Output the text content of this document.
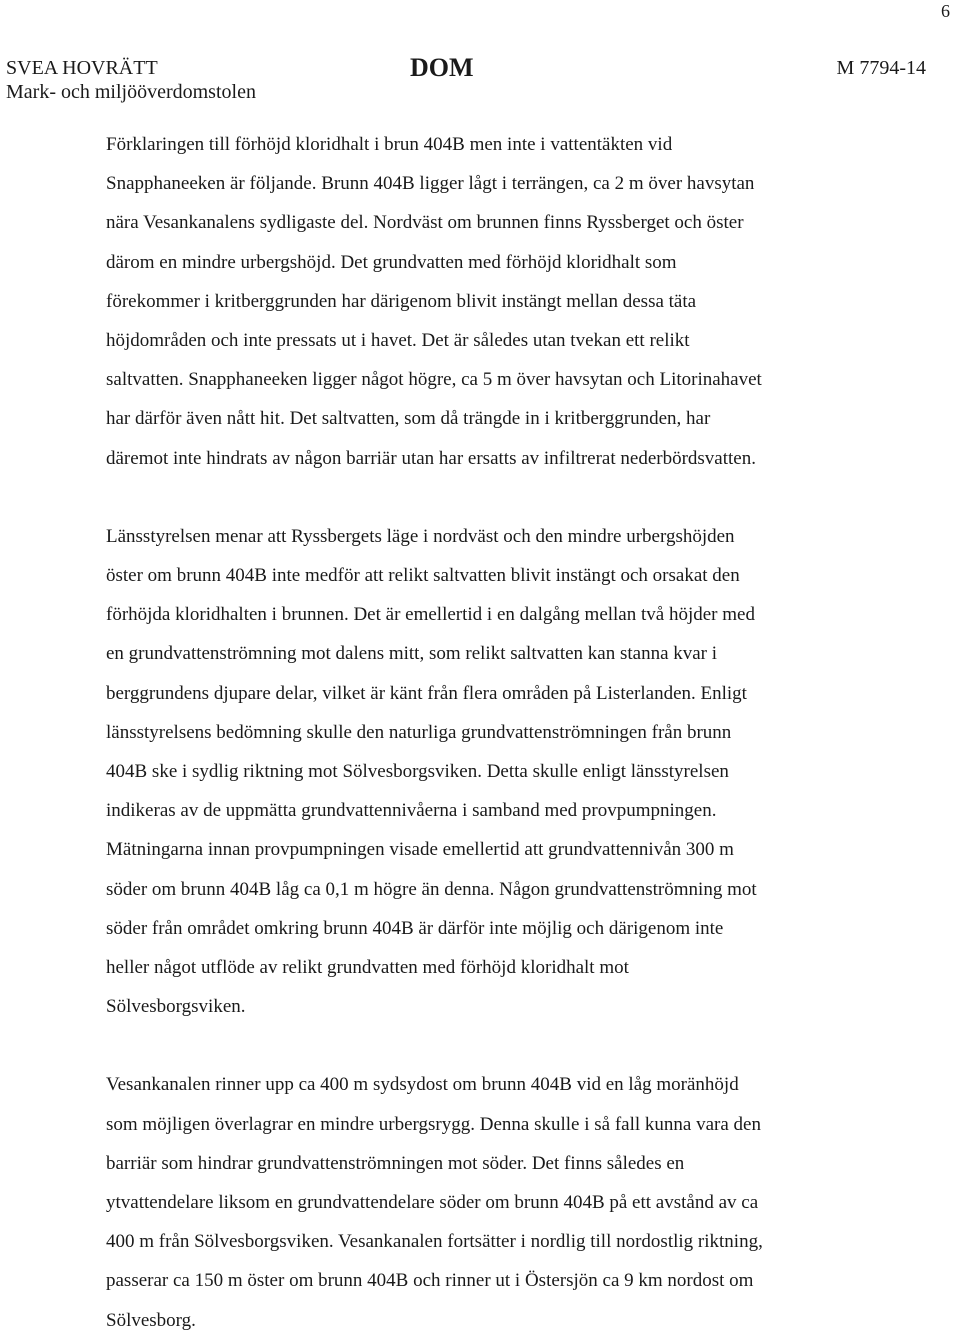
6
SVEA HOVRÄTT
Mark- och miljööverdomstolen
DOM	M 7794-14

Förklaringen till förhöjd kloridhalt i brun 404B men inte i vattentäkten vid
Snapphaneeken är följande. Brunn 404B ligger lågt i terrängen, ca 2 m över havsytan
nära Vesankanalens sydligaste del. Nordväst om brunnen finns Ryssberget och öster
därom en mindre urbergshöjd. Det grundvatten med förhöjd kloridhalt som
förekommer i kritberggrunden har därigenom blivit instängt mellan dessa täta
höjdområden och inte pressats ut i havet. Det är således utan tvekan ett relikt
saltvatten. Snapphaneeken ligger något högre, ca 5 m över havsytan och Litorinahavet
har därför även nått hit. Det saltvatten, som då trängde in i kritberggrunden, har
däremot inte hindrats av någon barriär utan har ersatts av infiltrerat nederbördsvatten.

Länsstyrelsen menar att Ryssbergets läge i nordväst och den mindre urbergshöjden
öster om brunn 404B inte medför att relikt saltvatten blivit instängt och orsakat den
förhöjda kloridhalten i brunnen. Det är emellertid i en dalgång mellan två höjder med
en grundvattenströmning mot dalens mitt, som relikt saltvatten kan stanna kvar i
berggrundens djupare delar, vilket är känt från flera områden på Listerlanden. Enligt
länsstyrelsens bedömning skulle den naturliga grundvattenströmningen från brunn
404B ske i sydlig riktning mot Sölvesborgsviken. Detta skulle enligt länsstyrelsen
indikeras av de uppmätta grundvattennivåerna i samband med provpumpningen.
Mätningarna innan provpumpningen visade emellertid att grundvattennivån 300 m
söder om brunn 404B låg ca 0,1 m högre än denna. Någon grundvattenströmning mot
söder från området omkring brunn 404B är därför inte möjlig och därigenom inte
heller något utflöde av relikt grundvatten med förhöjd kloridhalt mot
Sölvesborgsviken.

Vesankanalen rinner upp ca 400 m sydsydost om brunn 404B vid en låg moränhöjd
som möjligen överlagrar en mindre urbergsrygg. Denna skulle i så fall kunna vara den
barriär som hindrar grundvattenströmningen mot söder. Det finns således en
ytvattendelare liksom en grundvattendelare söder om brunn 404B på ett avstånd av ca
400 m från Sölvesborgsviken. Vesankanalen fortsätter i nordlig till nordostlig riktning,
passerar ca 150 m öster om brunn 404B och rinner ut i Östersjön ca 9 km nordost om
Sölvesborg.
